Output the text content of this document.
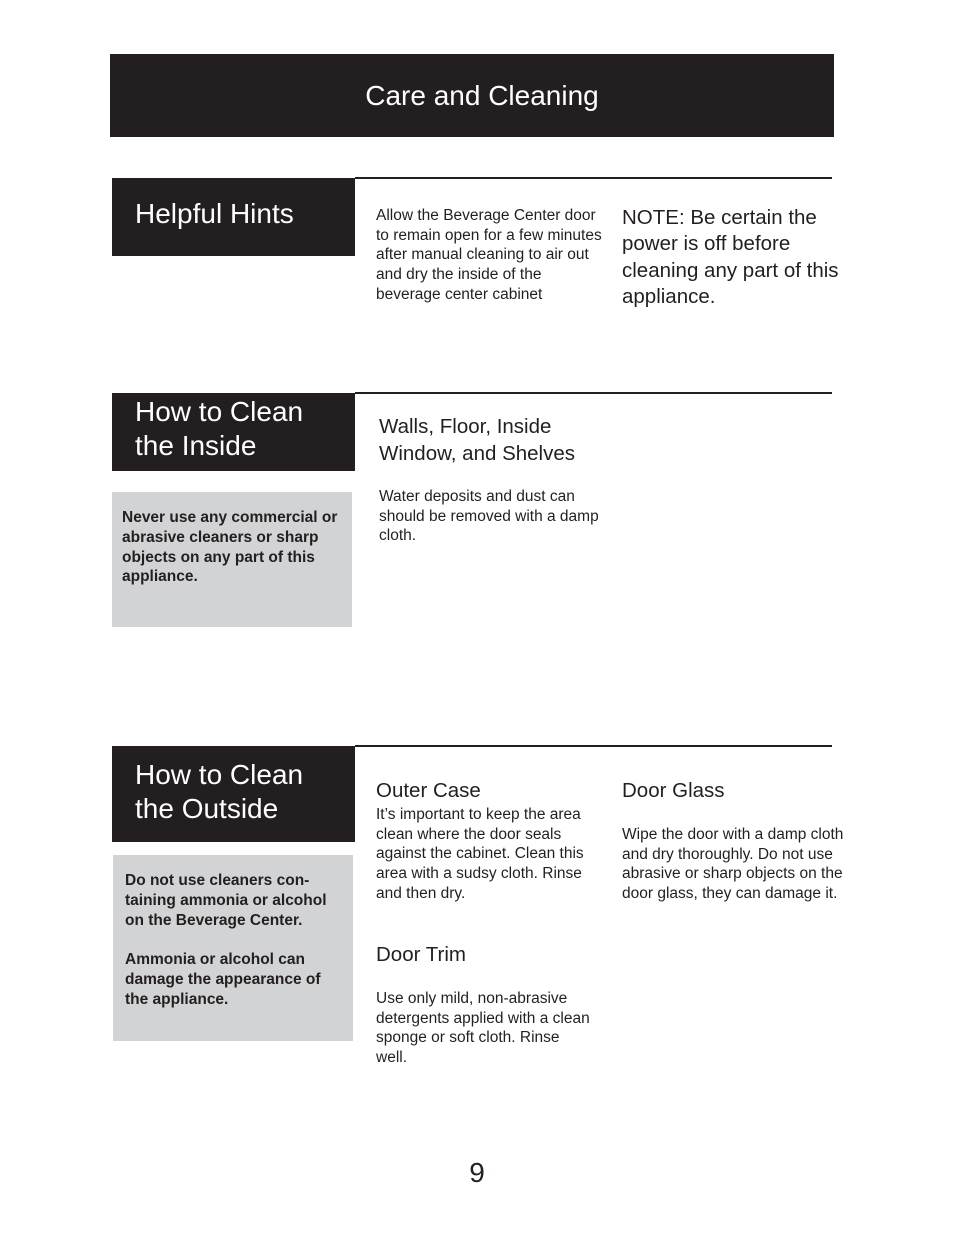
Care and Cleaning
Helpful Hints	Allow the Beverage Center door to remain open for a few minutes after manual cleaning to air out and dry the inside of the beverage center cabinet
NOTE: Be certain the power is off before cleaning any part of this appliance.
How to Clean
the Inside
Never use any commercial or abrasive cleaners or sharp objects on any part of this appliance.
Walls, Floor, Inside
Window, and Shelves
Water deposits and dust can should be removed with a damp cloth.
How to Clean
the Outside
Do not use cleaners con-taining ammonia or alcohol on the Beverage Center.
Ammonia or alcohol can damage the appearance of the appliance.
Outer Case
It’s important to keep the area clean where the door seals against the cabinet. Clean this area with a sudsy cloth. Rinse and then dry.
Door Trim
Use only mild, non-abrasive detergents applied with a clean sponge or soft cloth. Rinse well.
Door Glass
Wipe the door with a damp cloth and dry thoroughly. Do not use abrasive or sharp objects on the door glass, they can damage it.
9
